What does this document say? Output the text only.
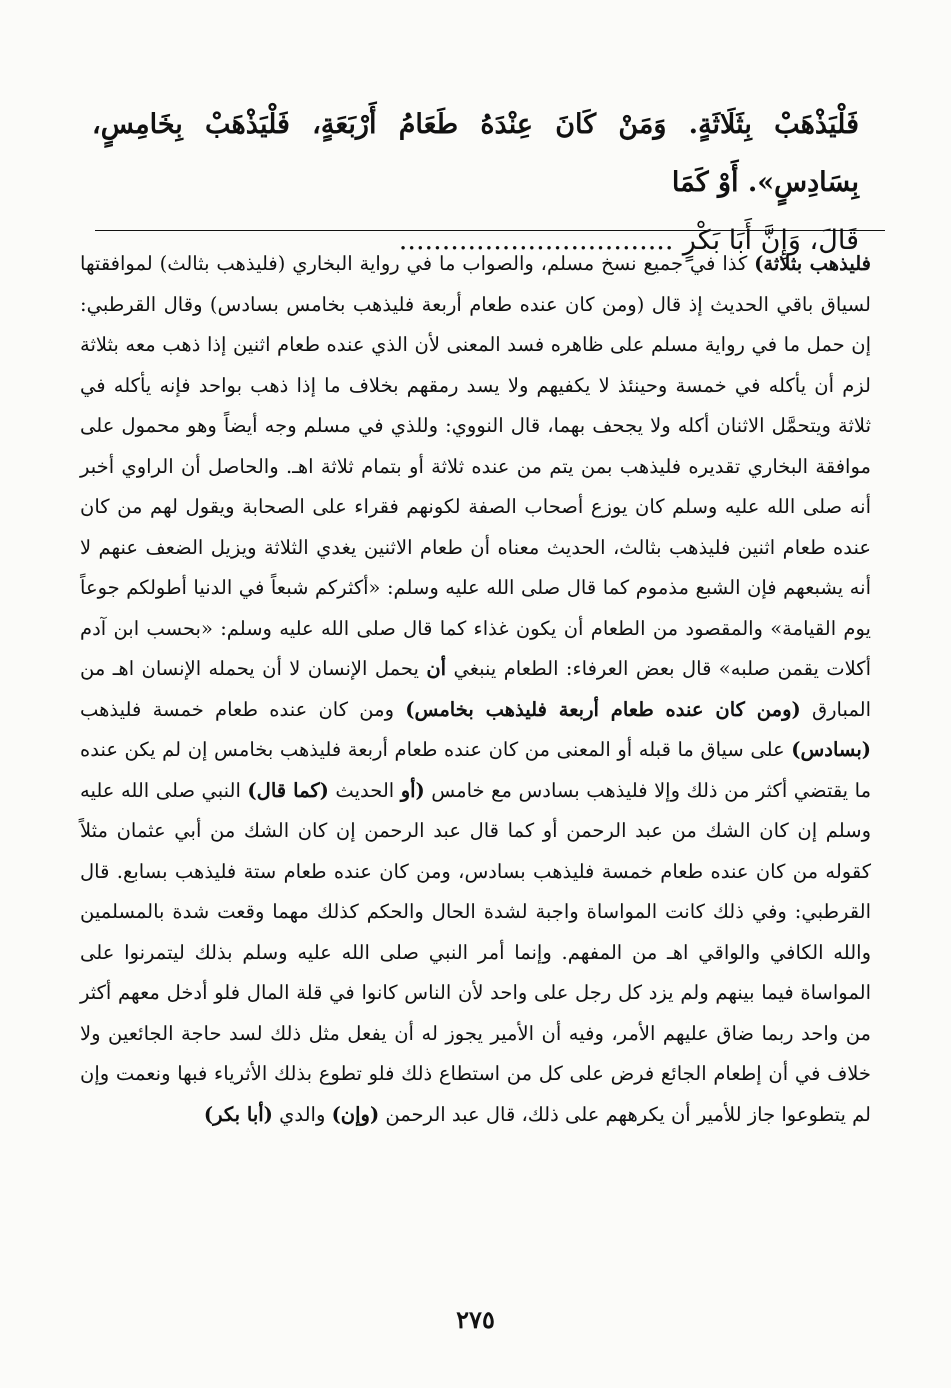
فَلْيَذْهَبْ بِثَلَاثَةٍ. وَمَنْ كَانَ عِنْدَهُ طَعَامُ أَرْبَعَةٍ، فَلْيَذْهَبْ بِخَامِسٍ، بِسَادِسٍ». أَوْ كَمَا
قَالَ، وَإِنَّ أَبَا بَكْرٍ ................................
فليذهب بثلاثة) كذا في جميع نسخ مسلم، والصواب ما في رواية البخاري (فليذهب بثالث) لموافقتها لسياق باقي الحديث إذ قال (ومن كان عنده طعام أربعة فليذهب بخامس بسادس) وقال القرطبي: إن حمل ما في رواية مسلم على ظاهره فسد المعنى لأن الذي عنده طعام اثنين إذا ذهب معه بثلاثة لزم أن يأكله في خمسة وحينئذ لا يكفيهم ولا يسد رمقهم بخلاف ما إذا ذهب بواحد فإنه يأكله في ثلاثة ويتحمَّل الاثنان أكله ولا يجحف بهما، قال النووي: وللذي في مسلم وجه أيضاً وهو محمول على موافقة البخاري تقديره فليذهب بمن يتم من عنده ثلاثة أو بتمام ثلاثة اهـ. والحاصل أن الراوي أخبر أنه صلى الله عليه وسلم كان يوزع أصحاب الصفة لكونهم فقراء على الصحابة ويقول لهم من كان عنده طعام اثنين فليذهب بثالث، الحديث معناه أن طعام الاثنين يغدي الثلاثة ويزيل الضعف عنهم لا أنه يشبعهم فإن الشبع مذموم كما قال صلى الله عليه وسلم: «أكثركم شبعاً في الدنيا أطولكم جوعاً يوم القيامة» والمقصود من الطعام أن يكون غذاء كما قال صلى الله عليه وسلم: «بحسب ابن آدم أكلات يقمن صلبه» قال بعض العرفاء: الطعام ينبغي أن يحمل الإنسان لا أن يحمله الإنسان اهـ من المبارق (ومن كان عنده طعام أربعة فليذهب بخامس) ومن كان عنده طعام خمسة فليذهب (بسادس) على سياق ما قبله أو المعنى من كان عنده طعام أربعة فليذهب بخامس إن لم يكن عنده ما يقتضي أكثر من ذلك وإلا فليذهب بسادس مع خامس (أو الحديث (كما قال) النبي صلى الله عليه وسلم إن كان الشك من عبد الرحمن أو كما قال عبد الرحمن إن كان الشك من أبي عثمان مثلاً كقوله من كان عنده طعام خمسة فليذهب بسادس، ومن كان عنده طعام ستة فليذهب بسابع. قال القرطبي: وفي ذلك كانت المواساة واجبة لشدة الحال والحكم كذلك مهما وقعت شدة بالمسلمين والله الكافي والواقي اهـ من المفهم. وإنما أمر النبي صلى الله عليه وسلم بذلك ليتمرنوا على المواساة فيما بينهم ولم يزد كل رجل على واحد لأن الناس كانوا في قلة المال فلو أدخل معهم أكثر من واحد ربما ضاق عليهم الأمر، وفيه أن الأمير يجوز له أن يفعل مثل ذلك لسد حاجة الجائعين ولا خلاف في أن إطعام الجائع فرض على كل من استطاع ذلك فلو تطوع بذلك الأثرياء فبها ونعمت وإن لم يتطوعوا جاز للأمير أن يكرههم على ذلك، قال عبد الرحمن (وإن) والدي (أبا بكر)
٢٧٥
